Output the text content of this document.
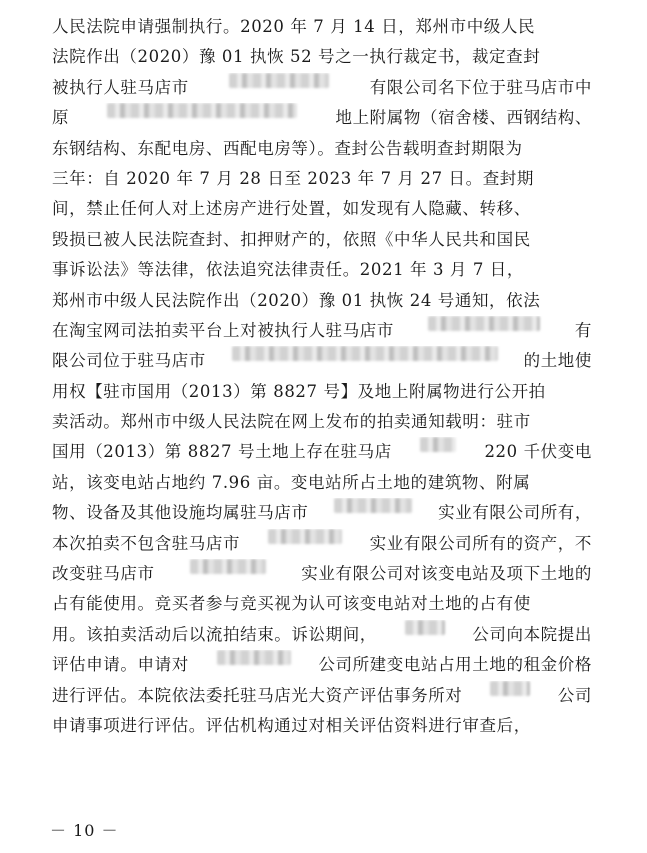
人民法院申请强制执行。2020 年 7 月 14 日，郑州市中级人民
法院作出（2020）豫 01 执恢 52 号之一执行裁定书，裁定查封
被执行人驻马店市	有限公司名下位于驻马店市中
原	地上附属物（宿舍楼、西钢结构、
东钢结构、东配电房、西配电房等）。查封公告载明查封期限为
三年：自 2020 年 7 月 28 日至 2023 年 7 月 27 日。查封期
间，禁止任何人对上述房产进行处置，如发现有人隐藏、转移、
毁损已被人民法院查封、扣押财产的，依照《中华人民共和国民
事诉讼法》等法律，依法追究法律责任。2021 年 3 月 7 日，
郑州市中级人民法院作出（2020）豫 01 执恢 24 号通知，依法
在淘宝网司法拍卖平台上对被执行人驻马店市	有
限公司位于驻马店市	的土地使
用权【驻市国用（2013）第 8827 号】及地上附属物进行公开拍
卖活动。郑州市中级人民法院在网上发布的拍卖通知载明：驻市
国用（2013）第 8827 号土地上存在驻马店	220 千伏变电
站，该变电站占地约 7.96 亩。变电站所占土地的建筑物、附属
物、设备及其他设施均属驻马店市	实业有限公司所有，
本次拍卖不包含驻马店市	实业有限公司所有的资产，不
改变驻马店市	实业有限公司对该变电站及项下土地的
占有能使用。竞买者参与竞买视为认可该变电站对土地的占有使
用。该拍卖活动后以流拍结束。诉讼期间，	公司向本院提出
评估申请。申请对	公司所建变电站占用土地的租金价格
进行评估。本院依法委托驻马店光大资产评估事务所对	公司
申请事项进行评估。评估机构通过对相关评估资料进行审查后，
－ 10 －
